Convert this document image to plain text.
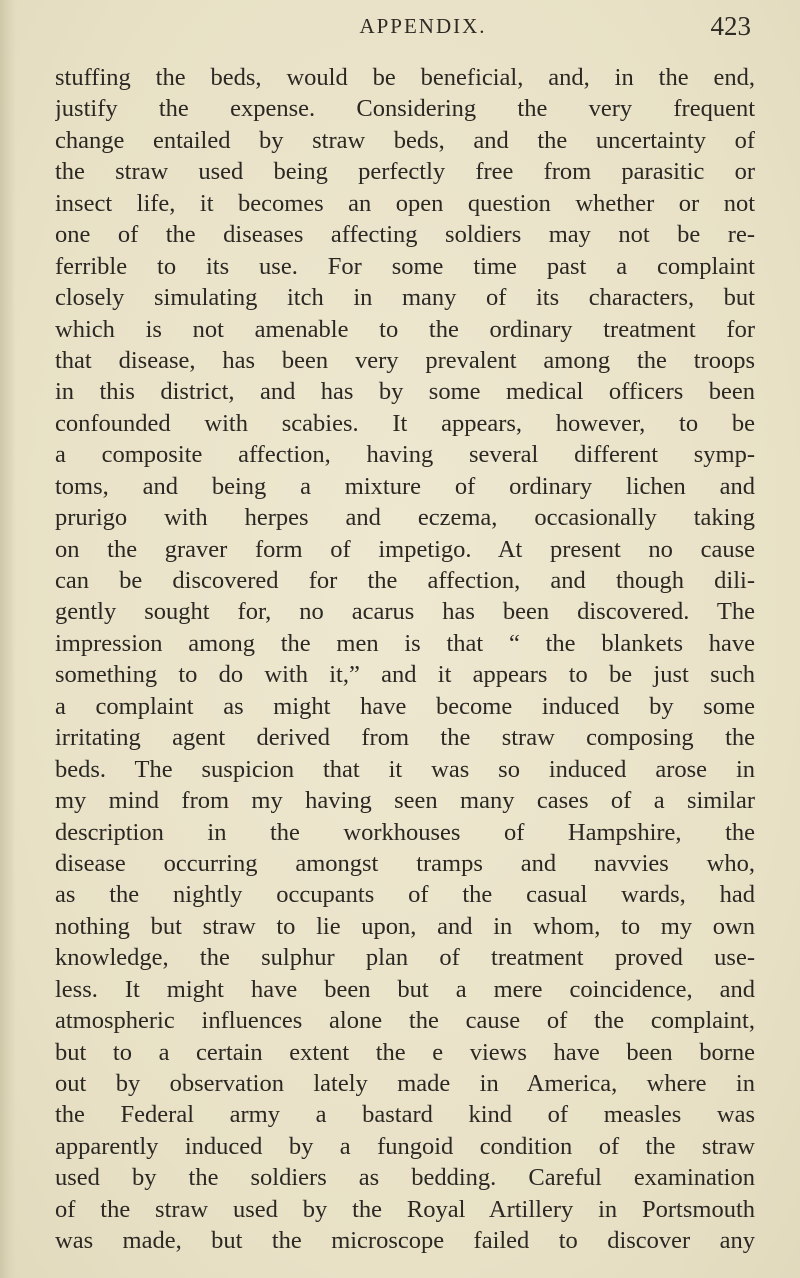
APPENDIX.	423
stuffing the beds, would be beneficial, and, in the end,
justify the expense. Considering the very frequent
change entailed by straw beds, and the uncertainty of
the straw used being perfectly free from parasitic or
insect life, it becomes an open question whether or not
one of the diseases affecting soldiers may not be re-
ferrible to its use. For some time past a complaint
closely simulating itch in many of its characters, but
which is not amenable to the ordinary treatment for
that disease, has been very prevalent among the troops
in this district, and has by some medical officers been
confounded with scabies. It appears, however, to be
a composite affection, having several different symp-
toms, and being a mixture of ordinary lichen and
prurigo with herpes and eczema, occasionally taking
on the graver form of impetigo. At present no cause
can be discovered for the affection, and though dili-
gently sought for, no acarus has been discovered. The
impression among the men is that “ the blankets have
something to do with it,” and it appears to be just such
a complaint as might have become induced by some
irritating agent derived from the straw composing the
beds. The suspicion that it was so induced arose in
my mind from my having seen many cases of a similar
description in the workhouses of Hampshire, the
disease occurring amongst tramps and navvies who,
as the nightly occupants of the casual wards, had
nothing but straw to lie upon, and in whom, to my own
knowledge, the sulphur plan of treatment proved use-
less. It might have been but a mere coincidence, and
atmospheric influences alone the cause of the complaint,
but to a certain extent the e views have been borne
out by observation lately made in America, where in
the Federal army a bastard kind of measles was
apparently induced by a fungoid condition of the straw
used by the soldiers as bedding. Careful examination
of the straw used by the Royal Artillery in Portsmouth
was made, but the microscope failed to discover any
